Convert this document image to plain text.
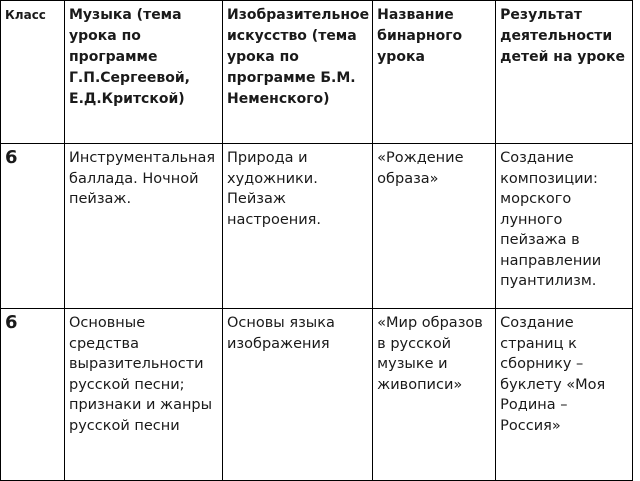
Класс	Музыка (тема урока по программе Г.П.Сергеевой, Е.Д.Критской)	Изобразительное искусство (тема урока по программе Б.М. Неменского)	Название бинарного урока	Результат деятельности детей на уроке
6	Инструментальная баллада. Ночной пейзаж.	Природа и художники. Пейзаж настроения.	«Рождение образа»	Создание композиции: морского лунного пейзажа в направлении пуантилизм.
6	Основные средства выразительности русской песни; признаки и жанры русской песни	Основы языка изображения	«Мир образов в русской музыке и живописи»	Создание страниц к сборнику – буклету «Моя Родина – Россия»
